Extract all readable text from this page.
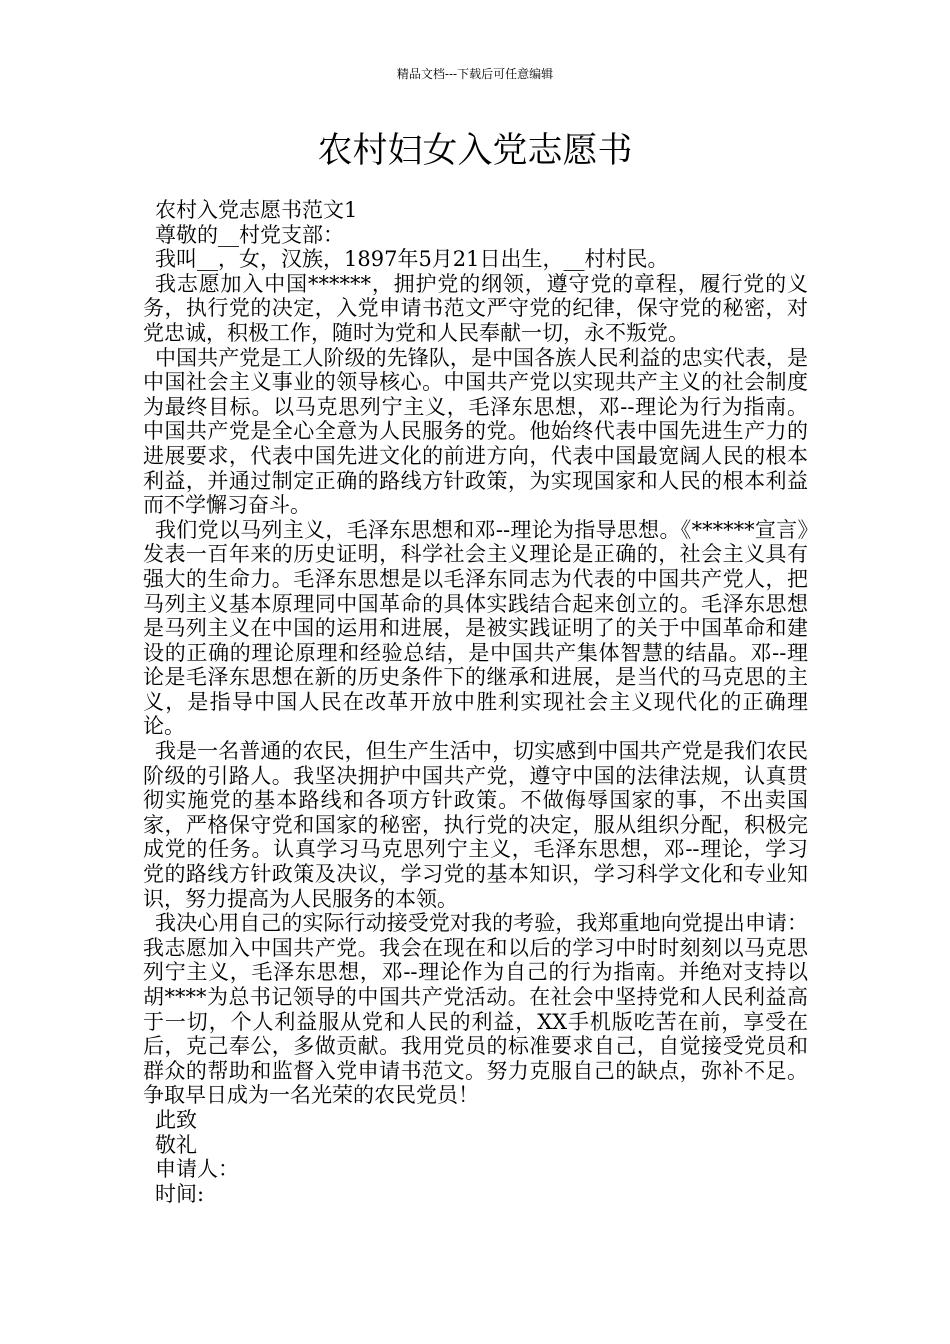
精品文档---下载后可任意编辑
农村妇女入党志愿书

农村入党志愿书范文1

尊敬的__村党支部：

我叫__，女，汉族，1897年5月21日出生，__村村民。

我志愿加入中国******，拥护党的纲领，遵守党的章程，履行党的义务，执行党的决定，入党申请书范文严守党的纪律，保守党的秘密，对党忠诚，积极工作，随时为党和人民奉献一切，永不叛党。

中国共产党是工人阶级的先锋队，是中国各族人民利益的忠实代表，是中国社会主义事业的领导核心。中国共产党以实现共产主义的社会制度为最终目标。以马克思列宁主义，毛泽东思想，邓--理论为行为指南。中国共产党是全心全意为人民服务的党。他始终代表中国先进生产力的进展要求，代表中国先进文化的前进方向，代表中国最宽阔人民的根本利益，并通过制定正确的路线方针政策，为实现国家和人民的根本利益而不学懈习奋斗。

我们党以马列主义，毛泽东思想和邓--理论为指导思想。《******宣言》发表一百年来的历史证明，科学社会主义理论是正确的，社会主义具有强大的生命力。毛泽东思想是以毛泽东同志为代表的中国共产党人，把马列主义基本原理同中国革命的具体实践结合起来创立的。毛泽东思想是马列主义在中国的运用和进展，是被实践证明了的关于中国革命和建设的正确的理论原理和经验总结，是中国共产集体智慧的结晶。邓--理论是毛泽东思想在新的历史条件下的继承和进展，是当代的马克思的主义，是指导中国人民在改革开放中胜利实现社会主义现代化的正确理论。

我是一名普通的农民，但生产生活中，切实感到中国共产党是我们农民阶级的引路人。我坚决拥护中国共产党，遵守中国的法律法规，认真贯彻实施党的基本路线和各项方针政策。不做侮辱国家的事，不出卖国家，严格保守党和国家的秘密，执行党的决定，服从组织分配，积极完成党的任务。认真学习马克思列宁主义，毛泽东思想，邓--理论，学习党的路线方针政策及决议，学习党的基本知识，学习科学文化和专业知识，努力提高为人民服务的本领。

我决心用自己的实际行动接受党对我的考验，我郑重地向党提出申请：我志愿加入中国共产党。我会在现在和以后的学习中时时刻刻以马克思列宁主义，毛泽东思想，邓--理论作为自己的行为指南。并绝对支持以胡****为总书记领导的中国共产党活动。在社会中坚持党和人民利益高于一切，个人利益服从党和人民的利益，XX手机版吃苦在前，享受在后，克己奉公，多做贡献。我用党员的标准要求自己，自觉接受党员和群众的帮助和监督入党申请书范文。努力克服自己的缺点，弥补不足。争取早日成为一名光荣的农民党员！

此致

敬礼

申请人：

时间:
